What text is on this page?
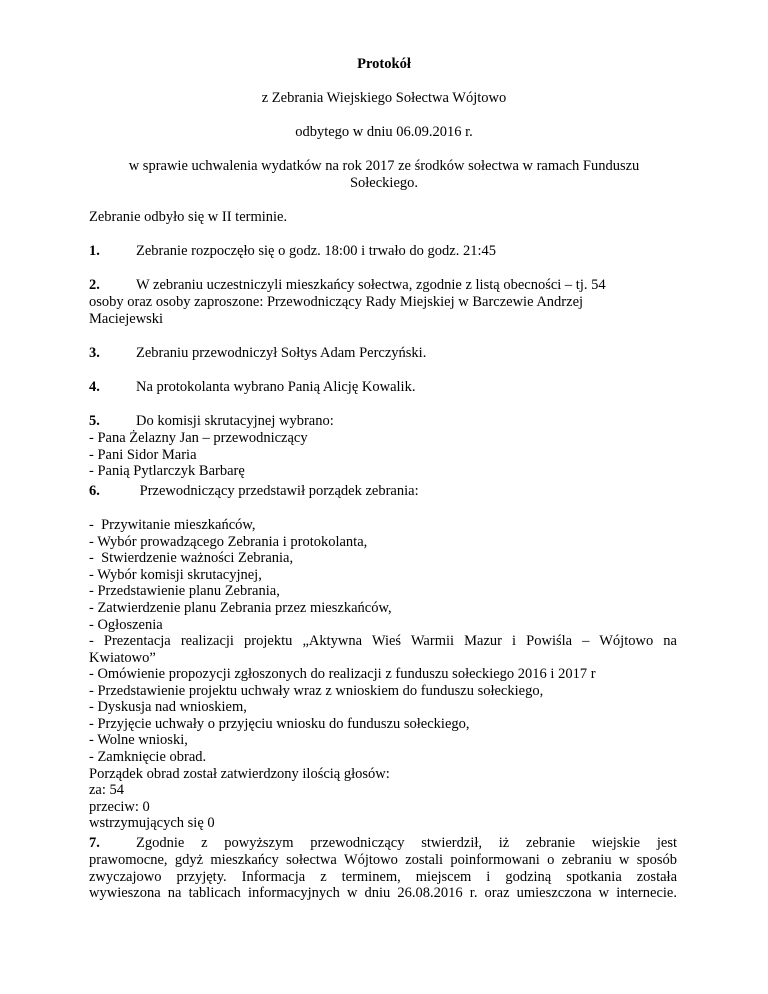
Protokół
z Zebrania Wiejskiego Sołectwa Wójtowo
odbytego w dniu 06.09.2016 r.
w sprawie uchwalenia wydatków na rok 2017 ze środków sołectwa w ramach Funduszu
Sołeckiego.
Zebranie odbyło się w II terminie.
1. Zebranie rozpoczęło się o godz. 18:00 i trwało do godz. 21:45
2. W zebraniu uczestniczyli mieszkańcy sołectwa, zgodnie z listą obecności – tj. 54
osoby oraz osoby zaproszone: Przewodniczący Rady Miejskiej w Barczewie Andrzej
Maciejewski
3. Zebraniu przewodniczył Sołtys Adam Perczyński.
4. Na protokolanta wybrano Panią Alicję Kowalik.
5. Do komisji skrutacyjnej wybrano:
- Pana Żelazny Jan – przewodniczący
- Pani Sidor Maria
- Panią Pytlarczyk Barbarę
6. Przewodniczący przedstawił porządek zebrania:
-  Przywitanie mieszkańców,
- Wybór prowadzącego Zebrania i protokolanta,
-  Stwierdzenie ważności Zebrania,
- Wybór komisji skrutacyjnej,
- Przedstawienie planu Zebrania,
- Zatwierdzenie planu Zebrania przez mieszkańców,
- Ogłoszenia
- Prezentacja realizacji projektu „Aktywna Wieś Warmii Mazur i Powiśla – Wójtowo na
Kwiatowo”
- Omówienie propozycji zgłoszonych do realizacji z funduszu sołeckiego 2016 i 2017 r
- Przedstawienie projektu uchwały wraz z wnioskiem do funduszu sołeckiego,
- Dyskusja nad wnioskiem,
- Przyjęcie uchwały o przyjęciu wniosku do funduszu sołeckiego,
- Wolne wnioski,
- Zamknięcie obrad.
Porządek obrad został zatwierdzony ilością głosów:
za: 54
przeciw: 0
wstrzymujących się 0
7. Zgodnie z powyższym przewodniczący stwierdził, iż zebranie wiejskie jest
prawomocne, gdyż mieszkańcy sołectwa Wójtowo zostali poinformowani o zebraniu w sposób
zwyczajowo przyjęty. Informacja z terminem, miejscem i godziną spotkania została
wywieszona na tablicach informacyjnych w dniu 26.08.2016 r. oraz umieszczona w internecie.
